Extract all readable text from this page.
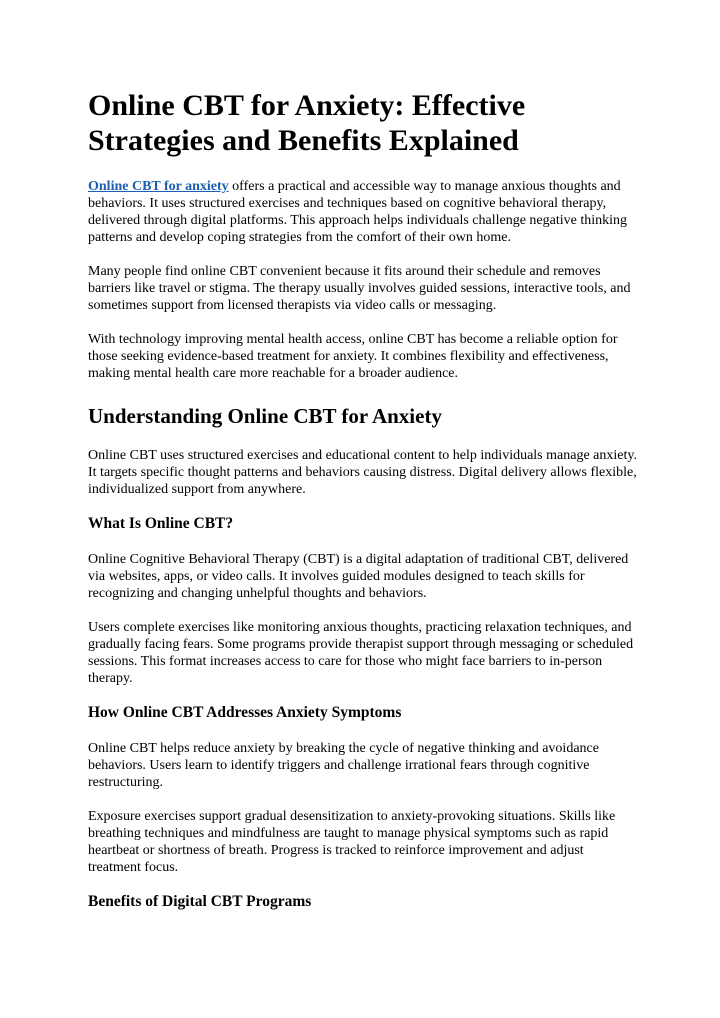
Online CBT for Anxiety: Effective Strategies and Benefits Explained

Online CBT for anxiety offers a practical and accessible way to manage anxious thoughts and behaviors. It uses structured exercises and techniques based on cognitive behavioral therapy, delivered through digital platforms. This approach helps individuals challenge negative thinking patterns and develop coping strategies from the comfort of their own home.

Many people find online CBT convenient because it fits around their schedule and removes barriers like travel or stigma. The therapy usually involves guided sessions, interactive tools, and sometimes support from licensed therapists via video calls or messaging.

With technology improving mental health access, online CBT has become a reliable option for those seeking evidence-based treatment for anxiety. It combines flexibility and effectiveness, making mental health care more reachable for a broader audience.

Understanding Online CBT for Anxiety

Online CBT uses structured exercises and educational content to help individuals manage anxiety. It targets specific thought patterns and behaviors causing distress. Digital delivery allows flexible, individualized support from anywhere.

What Is Online CBT?

Online Cognitive Behavioral Therapy (CBT) is a digital adaptation of traditional CBT, delivered via websites, apps, or video calls. It involves guided modules designed to teach skills for recognizing and changing unhelpful thoughts and behaviors.

Users complete exercises like monitoring anxious thoughts, practicing relaxation techniques, and gradually facing fears. Some programs provide therapist support through messaging or scheduled sessions. This format increases access to care for those who might face barriers to in-person therapy.

How Online CBT Addresses Anxiety Symptoms

Online CBT helps reduce anxiety by breaking the cycle of negative thinking and avoidance behaviors. Users learn to identify triggers and challenge irrational fears through cognitive restructuring.

Exposure exercises support gradual desensitization to anxiety-provoking situations. Skills like breathing techniques and mindfulness are taught to manage physical symptoms such as rapid heartbeat or shortness of breath. Progress is tracked to reinforce improvement and adjust treatment focus.

Benefits of Digital CBT Programs
